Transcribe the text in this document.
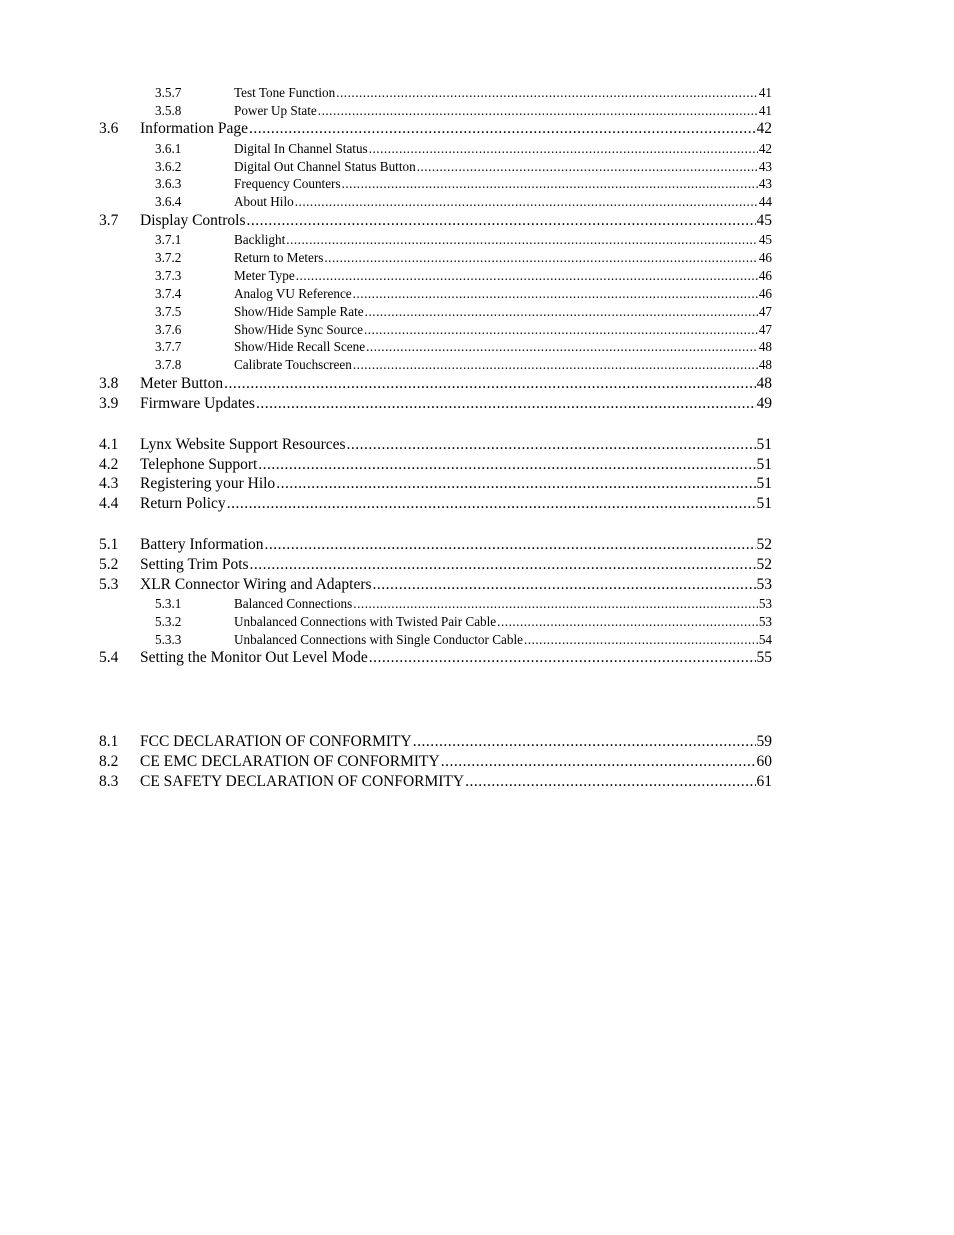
3.5.7	Test Tone Function .....	41
3.5.8	Power Up State .....	41
3.6	Information Page .....	42
3.6.1	Digital In Channel Status .....	42
3.6.2	Digital Out Channel Status Button .....	43
3.6.3	Frequency Counters .....	43
3.6.4	About Hilo .....	44
3.7	Display Controls .....	45
3.7.1	Backlight .....	45
3.7.2	Return to Meters .....	46
3.7.3	Meter Type .....	46
3.7.4	Analog VU Reference .....	46
3.7.5	Show/Hide Sample Rate .....	47
3.7.6	Show/Hide Sync Source .....	47
3.7.7	Show/Hide Recall Scene .....	48
3.7.8	Calibrate Touchscreen .....	48
3.8	Meter Button .....	48
3.9	Firmware Updates .....	49
4.1	Lynx Website Support Resources .....	51
4.2	Telephone Support .....	51
4.3	Registering your Hilo .....	51
4.4	Return Policy .....	51
5.1	Battery Information .....	52
5.2	Setting Trim Pots .....	52
5.3	XLR Connector Wiring and Adapters .....	53
5.3.1	Balanced Connections .....	53
5.3.2	Unbalanced Connections with Twisted Pair Cable .....	53
5.3.3	Unbalanced Connections with Single Conductor Cable .....	54
5.4	Setting the Monitor Out Level Mode .....	55
8.1	FCC DECLARATION OF CONFORMITY .....	59
8.2	CE EMC DECLARATION OF CONFORMITY .....	60
8.3	CE SAFETY DECLARATION OF CONFORMITY .....	61
